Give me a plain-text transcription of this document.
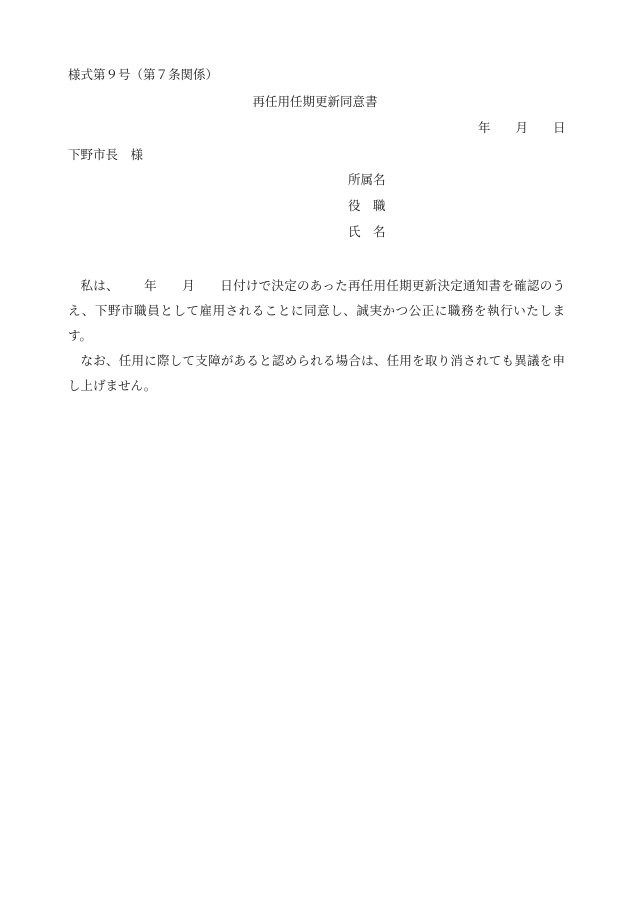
様式第９号（第７条関係）
再任用任期更新同意書
年 月 日
下野市長 様
所属名
役　職
氏　名

私は、 年 月 日付けで決定のあった再任用任期更新決定通知書を確認のうえ、下野市職員として雇用されることに同意し、誠実かつ公正に職務を執行いたします。

なお、任用に際して支障があると認められる場合は、任用を取り消されても異議を申し上げません。
